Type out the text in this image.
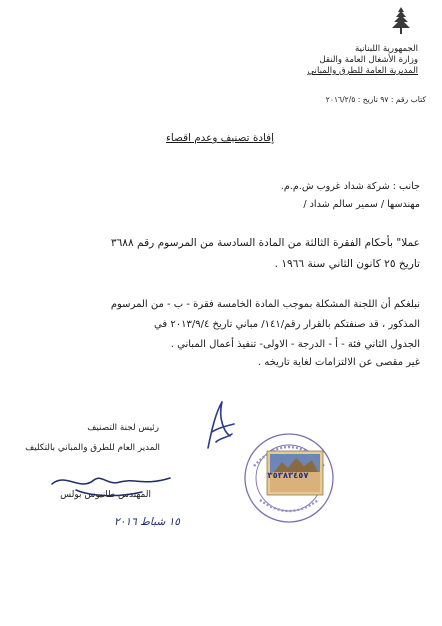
الجمهورية اللبنانية
وزارة الأشغال العامة والنقل
المديرية العامة للطرق والمباني
كتاب رقم : ٩٧ تاريخ : ٢٠١٦/٢/٥
إفادة تصنيف وعدم اقصاء
جانب : شركة شداد غروب ش.م.م.
مهندسها / سمير سالم شداد /
عملا" بأحكام الفقرة الثالثة من المادة السادسة من المرسوم رقم ٣٦٨٨
تاريخ ٢٥ كانون الثاني سنة ١٩٦٦ .
نبلغكم أن اللجنة المشكلة بموجب المادة الخامسة فقرة - ب - من المرسوم
المذكور ، قد صنفتكم بالقرار رقم/١٤١/ مباني تاريخ ٢٠١٣/٩/٤ في
الجدول الثاني فئة - أ - الدرجة - الاولى- تنفيذ أعمال المباني .
غير مقصى عن الالتزامات لغاية تاريخه .
رئيس لجنة التصنيف
المدير العام للطرق والمباني بالتكليف
المهندس طانيوس بولس
٣٥٣٨٣٤٥٧
١٥ شباط ٢٠١٦
